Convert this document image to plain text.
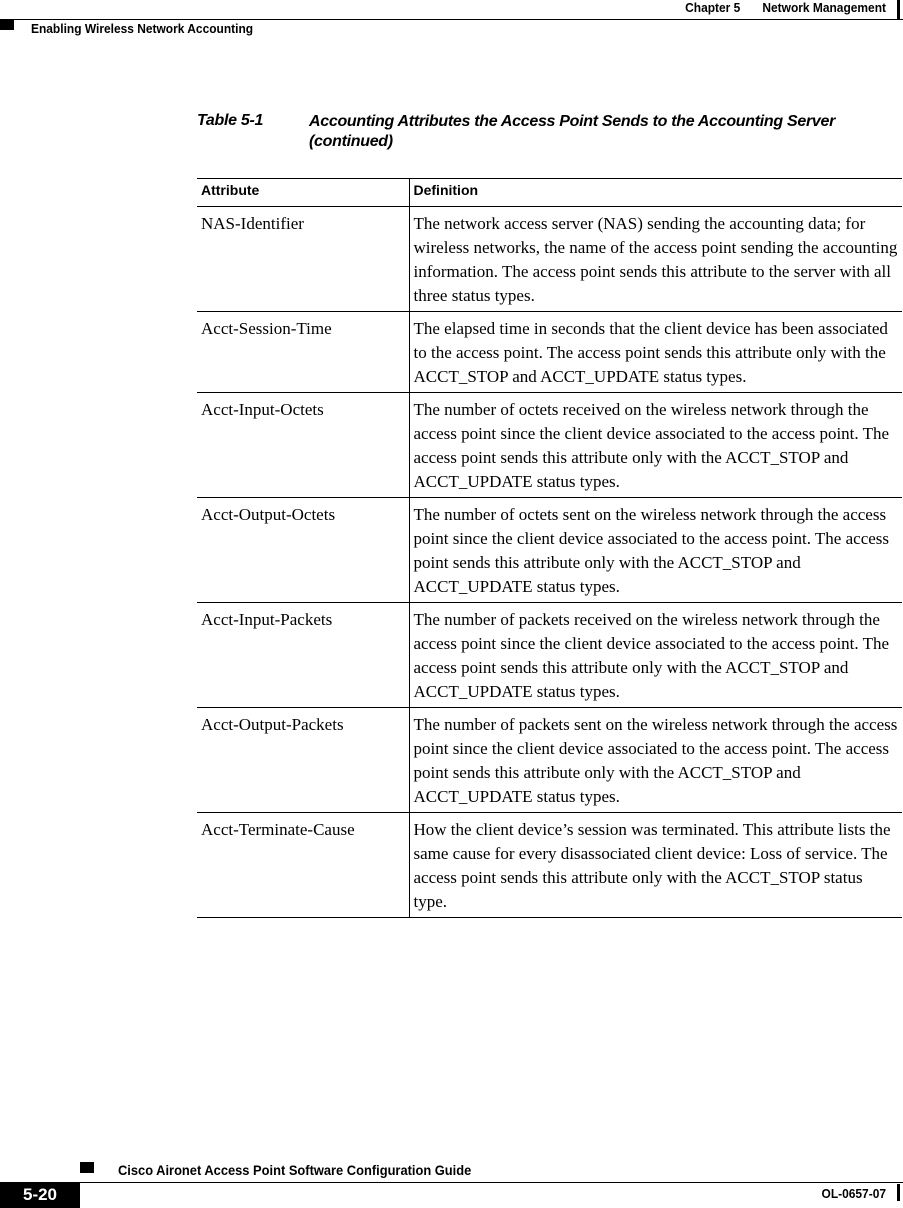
Chapter 5 Network Management
Enabling Wireless Network Accounting
Table 5-1	Accounting Attributes the Access Point Sends to the Accounting Server (continued)
Attribute	Definition
NAS-Identifier	The network access server (NAS) sending the accounting data; for wireless networks, the name of the access point sending the accounting information. The access point sends this attribute to the server with all three status types.
Acct-Session-Time	The elapsed time in seconds that the client device has been associated to the access point. The access point sends this attribute only with the ACCT_STOP and ACCT_UPDATE status types.
Acct-Input-Octets	The number of octets received on the wireless network through the access point since the client device associated to the access point. The access point sends this attribute only with the ACCT_STOP and ACCT_UPDATE status types.
Acct-Output-Octets	The number of octets sent on the wireless network through the access point since the client device associated to the access point. The access point sends this attribute only with the ACCT_STOP and ACCT_UPDATE status types.
Acct-Input-Packets	The number of packets received on the wireless network through the access point since the client device associated to the access point. The access point sends this attribute only with the ACCT_STOP and ACCT_UPDATE status types.
Acct-Output-Packets	The number of packets sent on the wireless network through the access point since the client device associated to the access point. The access point sends this attribute only with the ACCT_STOP and ACCT_UPDATE status types.
Acct-Terminate-Cause	How the client device’s session was terminated. This attribute lists the same cause for every disassociated client device: Loss of service. The access point sends this attribute only with the ACCT_STOP status type.
Cisco Aironet Access Point Software Configuration Guide
5-20	OL-0657-07
